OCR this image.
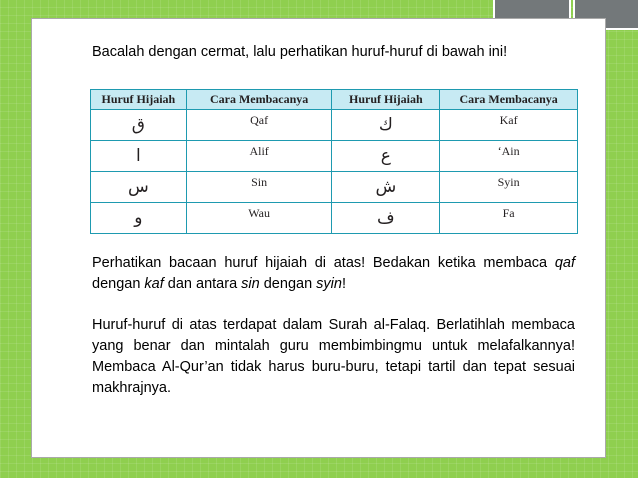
Bacalah dengan cermat, lalu perhatikan huruf-huruf di bawah ini!
Huruf Hijaiah	Cara Membacanya	Huruf Hijaiah	Cara Membacanya
ق	Qaf	ك	Kaf
ا	Alif	ع	‘Ain
س	Sin	ش	Syin
و	Wau	ف	Fa

Perhatikan bacaan huruf hijaiah di atas! Bedakan ketika membaca qaf dengan kaf dan antara sin dengan syin!

Huruf-huruf di atas terdapat dalam Surah al-Falaq. Berlatihlah membaca yang benar dan mintalah guru membimbingmu untuk melafalkannya! Membaca Al-Qur’an tidak harus buru-buru, tetapi tartil dan tepat sesuai makhrajnya.
